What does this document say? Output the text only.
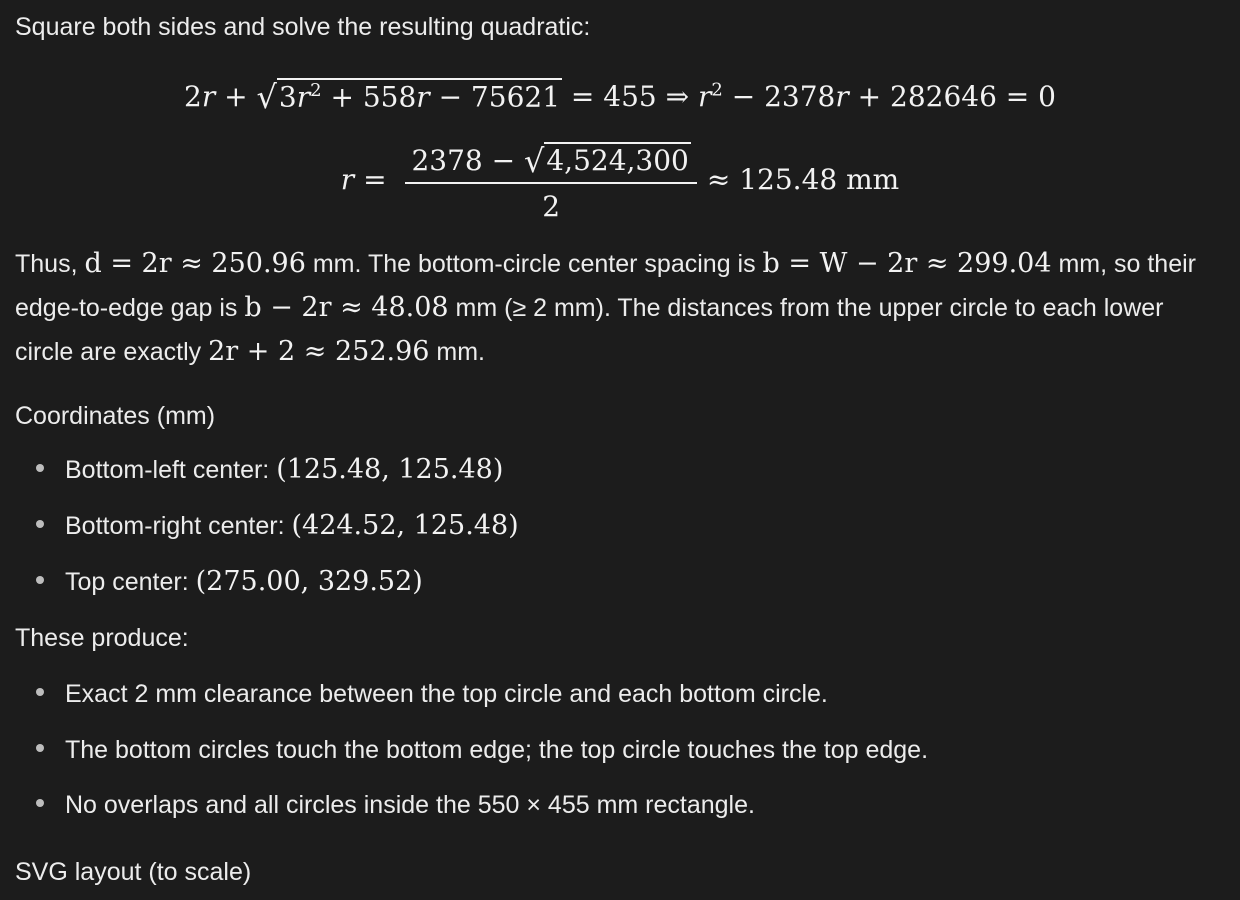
Square both sides and solve the resulting quadratic:
$2r + √3r^2 + 558r - 75621 = 455$ ⇒ $r^2 - 2378r + 282646 = 0$
$r = \frac{2378 - √4,524,300}{2} \approx 125.48$ mm
Thus, d = 2r ≈ 250.96 mm. The bottom-circle center spacing is b = W − 2r ≈ 299.04 mm, so their edge-to-edge gap is b − 2r ≈ 48.08 mm (≥ 2 mm). The distances from the upper circle to each lower circle are exactly 2r + 2 ≈ 252.96 mm.
Coordinates (mm)
Bottom-left center: (125.48, 125.48)
Bottom-right center: (424.52, 125.48)
Top center: (275.00, 329.52)
These produce:
Exact 2 mm clearance between the top circle and each bottom circle.
The bottom circles touch the bottom edge; the top circle touches the top edge.
No overlaps and all circles inside the 550 × 455 mm rectangle.
SVG layout (to scale)
